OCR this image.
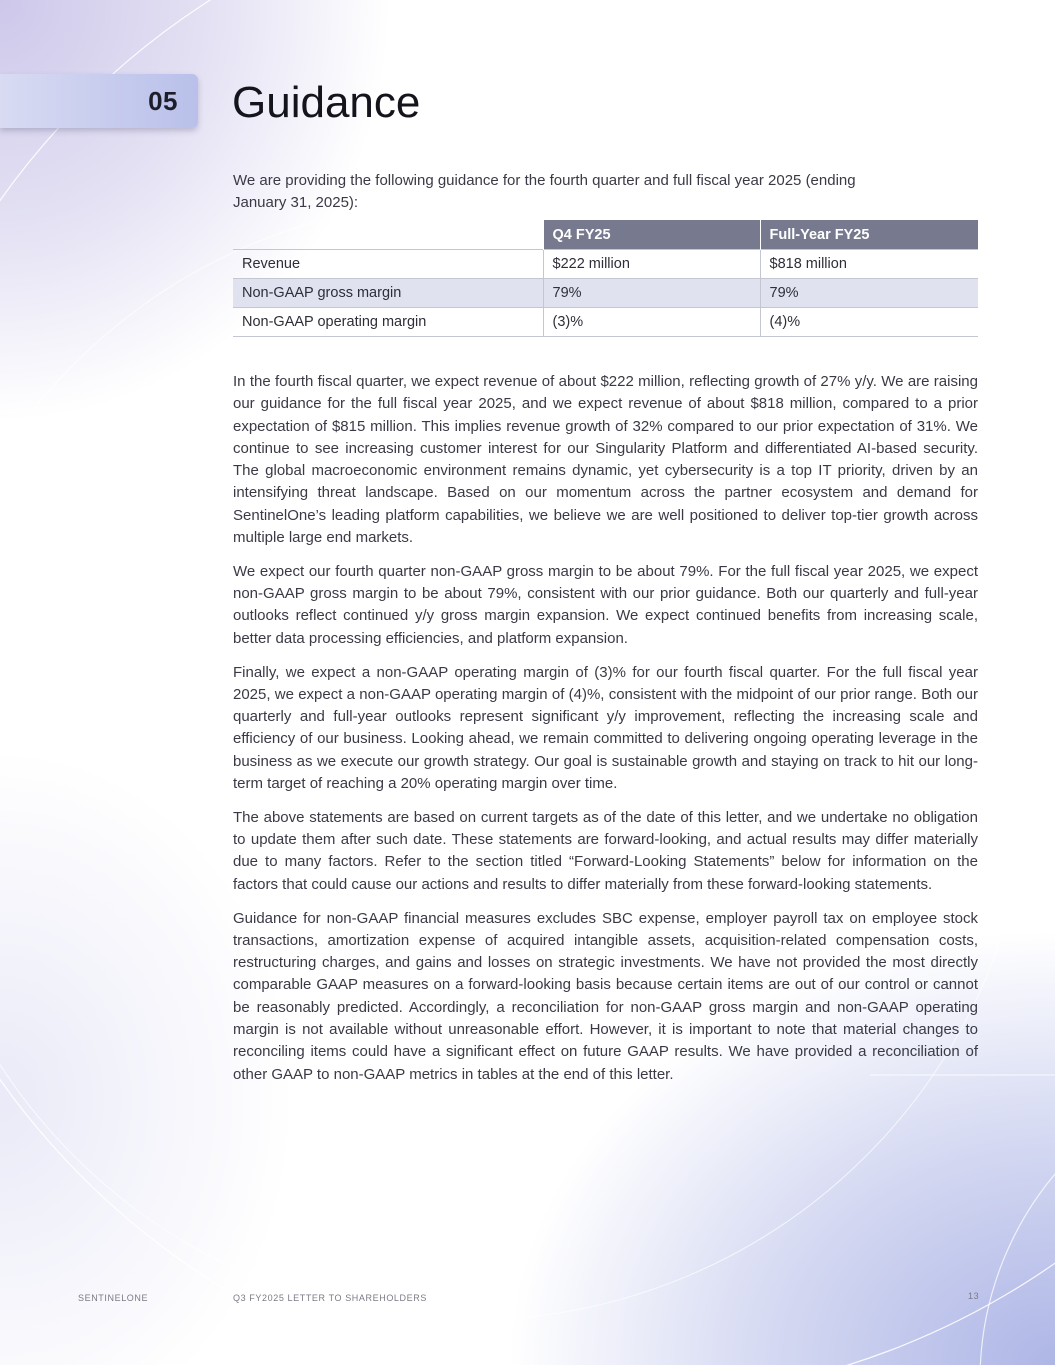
05 Guidance

We are providing the following guidance for the fourth quarter and full fiscal year 2025 (ending January 31, 2025):

	Q4 FY25	Full-Year FY25
Revenue	$222 million	$818 million
Non-GAAP gross margin	79%	79%
Non-GAAP operating margin	(3)%	(4)%

In the fourth fiscal quarter, we expect revenue of about $222 million, reflecting growth of 27% y/y. We are raising our guidance for the full fiscal year 2025, and we expect revenue of about $818 million, compared to a prior expectation of $815 million. This implies revenue growth of 32% compared to our prior expectation of 31%. We continue to see increasing customer interest for our Singularity Platform and differentiated AI-based security. The global macroeconomic environment remains dynamic, yet cybersecurity is a top IT priority, driven by an intensifying threat landscape. Based on our momentum across the partner ecosystem and demand for SentinelOne’s leading platform capabilities, we believe we are well positioned to deliver top-tier growth across multiple large end markets.

We expect our fourth quarter non-GAAP gross margin to be about 79%. For the full fiscal year 2025, we expect non-GAAP gross margin to be about 79%, consistent with our prior guidance. Both our quarterly and full-year outlooks reflect continued y/y gross margin expansion. We expect continued benefits from increasing scale, better data processing efficiencies, and platform expansion.

Finally, we expect a non-GAAP operating margin of (3)% for our fourth fiscal quarter. For the full fiscal year 2025, we expect a non-GAAP operating margin of (4)%, consistent with the midpoint of our prior range. Both our quarterly and full-year outlooks represent significant y/y improvement, reflecting the increasing scale and efficiency of our business. Looking ahead, we remain committed to delivering ongoing operating leverage in the business as we execute our growth strategy. Our goal is sustainable growth and staying on track to hit our long-term target of reaching a 20% operating margin over time.

The above statements are based on current targets as of the date of this letter, and we undertake no obligation to update them after such date. These statements are forward-looking, and actual results may differ materially due to many factors. Refer to the section titled “Forward-Looking Statements” below for information on the factors that could cause our actions and results to differ materially from these forward-looking statements.

Guidance for non-GAAP financial measures excludes SBC expense, employer payroll tax on employee stock transactions, amortization expense of acquired intangible assets, acquisition-related compensation costs, restructuring charges, and gains and losses on strategic investments. We have not provided the most directly comparable GAAP measures on a forward-looking basis because certain items are out of our control or cannot be reasonably predicted. Accordingly, a reconciliation for non-GAAP gross margin and non-GAAP operating margin is not available without unreasonable effort. However, it is important to note that material changes to reconciling items could have a significant effect on future GAAP results. We have provided a reconciliation of other GAAP to non-GAAP metrics in tables at the end of this letter.

SENTINELONE	Q3 FY2025 LETTER TO SHAREHOLDERS	13
